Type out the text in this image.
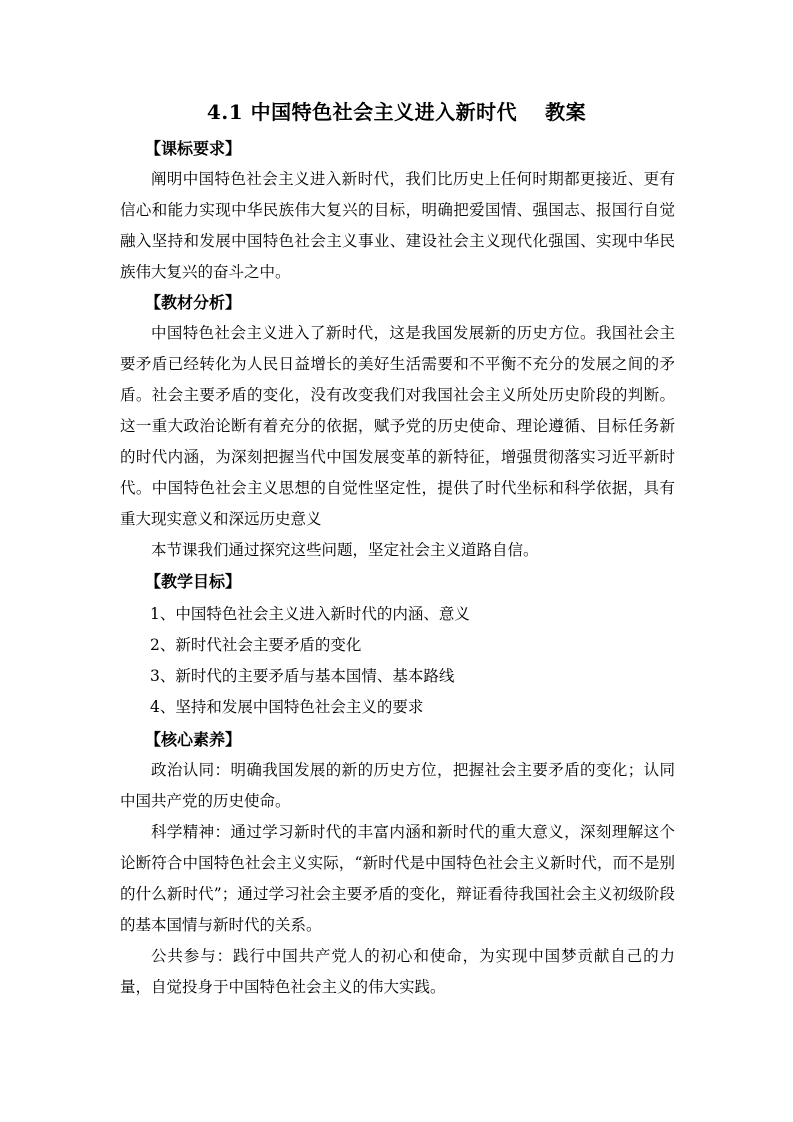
4.1 中国特色社会主义进入新时代　 教案
【课标要求】
阐明中国特色社会主义进入新时代，我们比历史上任何时期都更接近、更有信心和能力实现中华民族伟大复兴的目标，明确把爱国情、强国志、报国行自觉融入坚持和发展中国特色社会主义事业、建设社会主义现代化强国、实现中华民族伟大复兴的奋斗之中。
【教材分析】
中国特色社会主义进入了新时代，这是我国发展新的历史方位。我国社会主要矛盾已经转化为人民日益增长的美好生活需要和不平衡不充分的发展之间的矛盾。社会主要矛盾的变化，没有改变我们对我国社会主义所处历史阶段的判断。这一重大政治论断有着充分的依据，赋予党的历史使命、理论遵循、目标任务新的时代内涵，为深刻把握当代中国发展变革的新特征，增强贯彻落实习近平新时代。中国特色社会主义思想的自觉性坚定性，提供了时代坐标和科学依据，具有重大现实意义和深远历史意义
本节课我们通过探究这些问题，坚定社会主义道路自信。
【教学目标】
1、中国特色社会主义进入新时代的内涵、意义
2、新时代社会主要矛盾的变化
3、新时代的主要矛盾与基本国情、基本路线
4、坚持和发展中国特色社会主义的要求
【核心素养】
政治认同：明确我国发展的新的历史方位，把握社会主要矛盾的变化；认同中国共产党的历史使命。
科学精神：通过学习新时代的丰富内涵和新时代的重大意义，深刻理解这个论断符合中国特色社会主义实际，“新时代是中国特色社会主义新时代，而不是别的什么新时代”；通过学习社会主要矛盾的变化，辩证看待我国社会主义初级阶段的基本国情与新时代的关系。
公共参与：践行中国共产党人的初心和使命，为实现中国梦贡献自己的力量，自觉投身于中国特色社会主义的伟大实践。
